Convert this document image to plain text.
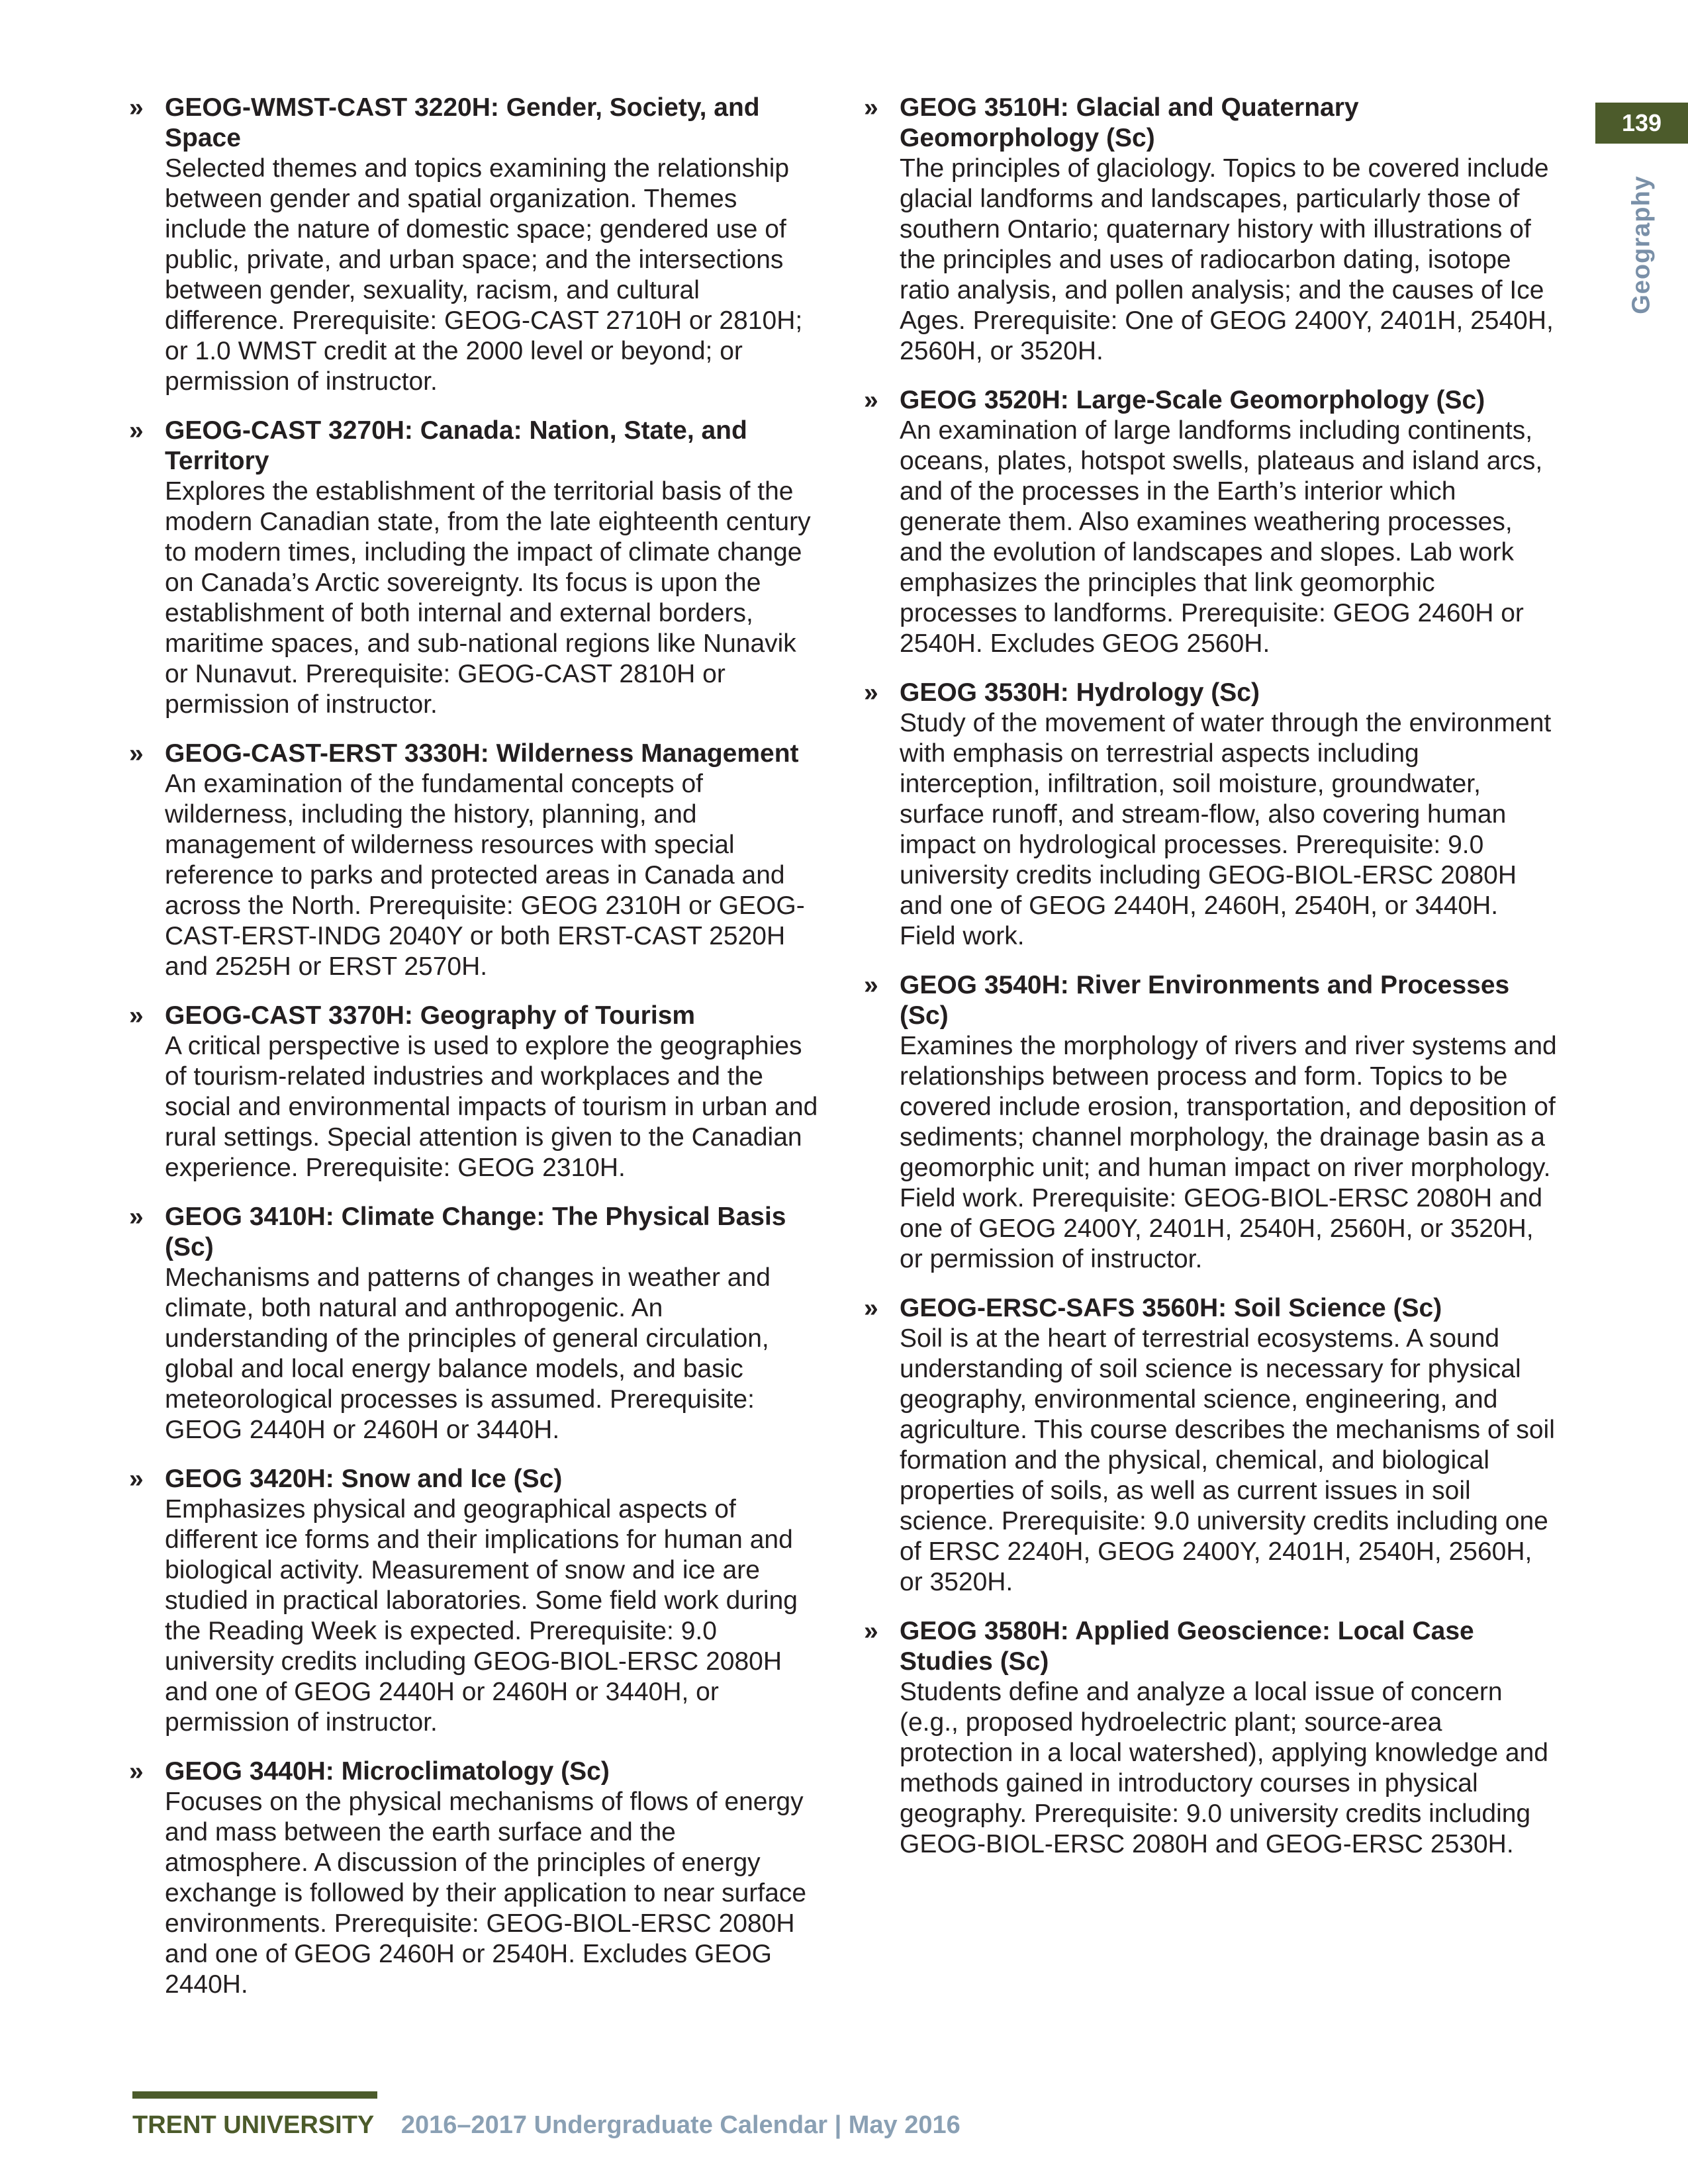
139
Geography
» GEOG-WMST-CAST 3220H: Gender, Society, and Space
Selected themes and topics examining the relationship between gender and spatial organization. Themes include the nature of domestic space; gendered use of public, private, and urban space; and the intersections between gender, sexuality, racism, and cultural difference. Prerequisite: GEOG-CAST 2710H or 2810H; or 1.0 WMST credit at the 2000 level or beyond; or permission of instructor.
» GEOG-CAST 3270H: Canada: Nation, State, and Territory
Explores the establishment of the territorial basis of the modern Canadian state, from the late eighteenth century to modern times, including the impact of climate change on Canada’s Arctic sovereignty. Its focus is upon the establishment of both internal and external borders, maritime spaces, and sub-national regions like Nunavik or Nunavut. Prerequisite: GEOG-CAST 2810H or permission of instructor.
» GEOG-CAST-ERST 3330H: Wilderness Management
An examination of the fundamental concepts of wilderness, including the history, planning, and management of wilderness resources with special reference to parks and protected areas in Canada and across the North. Prerequisite: GEOG 2310H or GEOG-CAST-ERST-INDG 2040Y or both ERST-CAST 2520H and 2525H or ERST 2570H.
» GEOG-CAST 3370H: Geography of Tourism
A critical perspective is used to explore the geographies of tourism-related industries and workplaces and the social and environmental impacts of tourism in urban and rural settings. Special attention is given to the Canadian experience. Prerequisite: GEOG 2310H.
» GEOG 3410H: Climate Change: The Physical Basis (Sc)
Mechanisms and patterns of changes in weather and climate, both natural and anthropogenic. An understanding of the principles of general circulation, global and local energy balance models, and basic meteorological processes is assumed. Prerequisite: GEOG 2440H or 2460H or 3440H.
» GEOG 3420H: Snow and Ice (Sc)
Emphasizes physical and geographical aspects of different ice forms and their implications for human and biological activity. Measurement of snow and ice are studied in practical laboratories. Some field work during the Reading Week is expected. Prerequisite: 9.0 university credits including GEOG-BIOL-ERSC 2080H and one of GEOG 2440H or 2460H or 3440H, or permission of instructor.
» GEOG 3440H: Microclimatology (Sc)
Focuses on the physical mechanisms of flows of energy and mass between the earth surface and the atmosphere. A discussion of the principles of energy exchange is followed by their application to near surface environments. Prerequisite: GEOG-BIOL-ERSC 2080H and one of GEOG 2460H or 2540H. Excludes GEOG 2440H.
» GEOG 3510H: Glacial and Quaternary Geomorphology (Sc)
The principles of glaciology. Topics to be covered include glacial landforms and landscapes, particularly those of southern Ontario; quaternary history with illustrations of the principles and uses of radiocarbon dating, isotope ratio analysis, and pollen analysis; and the causes of Ice Ages. Prerequisite: One of GEOG 2400Y, 2401H, 2540H, 2560H, or 3520H.
» GEOG 3520H: Large-Scale Geomorphology (Sc)
An examination of large landforms including continents, oceans, plates, hotspot swells, plateaus and island arcs, and of the processes in the Earth’s interior which generate them. Also examines weathering processes, and the evolution of landscapes and slopes. Lab work emphasizes the principles that link geomorphic processes to landforms. Prerequisite: GEOG 2460H or 2540H. Excludes GEOG 2560H.
» GEOG 3530H: Hydrology (Sc)
Study of the movement of water through the environment with emphasis on terrestrial aspects including interception, infiltration, soil moisture, groundwater, surface runoff, and stream-flow, also covering human impact on hydrological processes. Prerequisite: 9.0 university credits including GEOG-BIOL-ERSC 2080H and one of GEOG 2440H, 2460H, 2540H, or 3440H. Field work.
» GEOG 3540H: River Environments and Processes (Sc)
Examines the morphology of rivers and river systems and relationships between process and form. Topics to be covered include erosion, transportation, and deposition of sediments; channel morphology, the drainage basin as a geomorphic unit; and human impact on river morphology. Field work. Prerequisite: GEOG-BIOL-ERSC 2080H and one of GEOG 2400Y, 2401H, 2540H, 2560H, or 3520H, or permission of instructor.
» GEOG-ERSC-SAFS 3560H: Soil Science (Sc)
Soil is at the heart of terrestrial ecosystems. A sound understanding of soil science is necessary for physical geography, environmental science, engineering, and agriculture. This course describes the mechanisms of soil formation and the physical, chemical, and biological properties of soils, as well as current issues in soil science. Prerequisite: 9.0 university credits including one of ERSC 2240H, GEOG 2400Y, 2401H, 2540H, 2560H, or 3520H.
» GEOG 3580H: Applied Geoscience: Local Case Studies (Sc)
Students define and analyze a local issue of concern (e.g., proposed hydroelectric plant; source-area protection in a local watershed), applying knowledge and methods gained in introductory courses in physical geography. Prerequisite: 9.0 university credits including GEOG-BIOL-ERSC 2080H and GEOG-ERSC 2530H.
TRENT UNIVERSITY 2016–2017 Undergraduate Calendar | May 2016
